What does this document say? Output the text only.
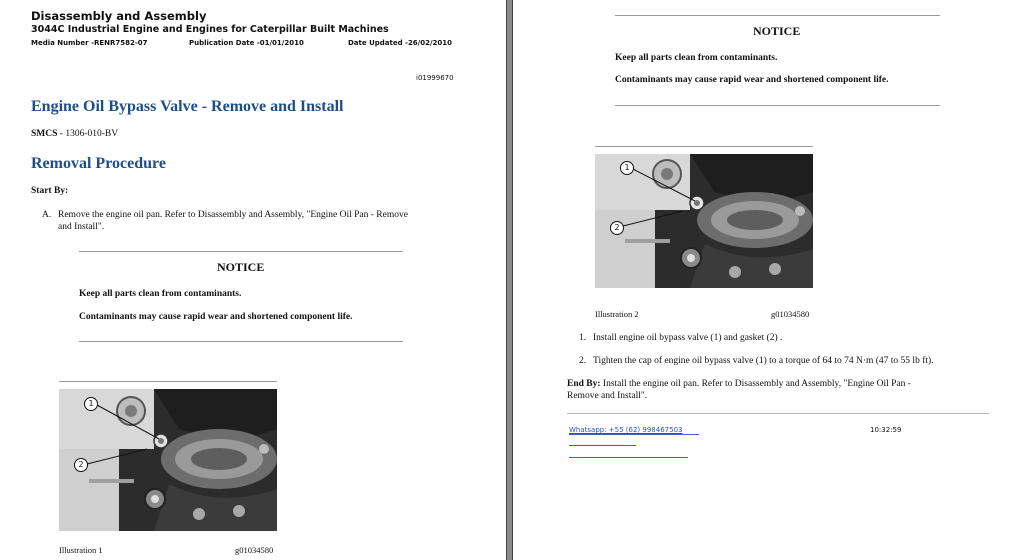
Disassembly and Assembly
3044C Industrial Engine and Engines for Caterpillar Built Machines
Media Number -RENR7582-07	Publication Date -01/01/2010	Date Updated -26/02/2010
i01999670
Engine Oil Bypass Valve - Remove and Install
SMCS - 1306-010-BV
Removal Procedure
Start By:
A. Remove the engine oil pan. Refer to Disassembly and Assembly, "Engine Oil Pan - Remove
and Install".
NOTICE
Keep all parts clean from contaminants.
Contaminants may cause rapid wear and shortened component life.
1
2
Illustration 1	g01034580
NOTICE
Keep all parts clean from contaminants.
Contaminants may cause rapid wear and shortened component life.
1
2
Illustration 2	g01034580
1. Install engine oil bypass valve (1) and gasket (2) .
2. Tighten the cap of engine oil bypass valve (1) to a torque of 64 to 74 N·m (47 to 55 lb ft).
End By: Install the engine oil pan. Refer to Disassembly and Assembly, "Engine Oil Pan -
Remove and Install".
Whatsapp: +55 (62) 998467503	10:32:59
